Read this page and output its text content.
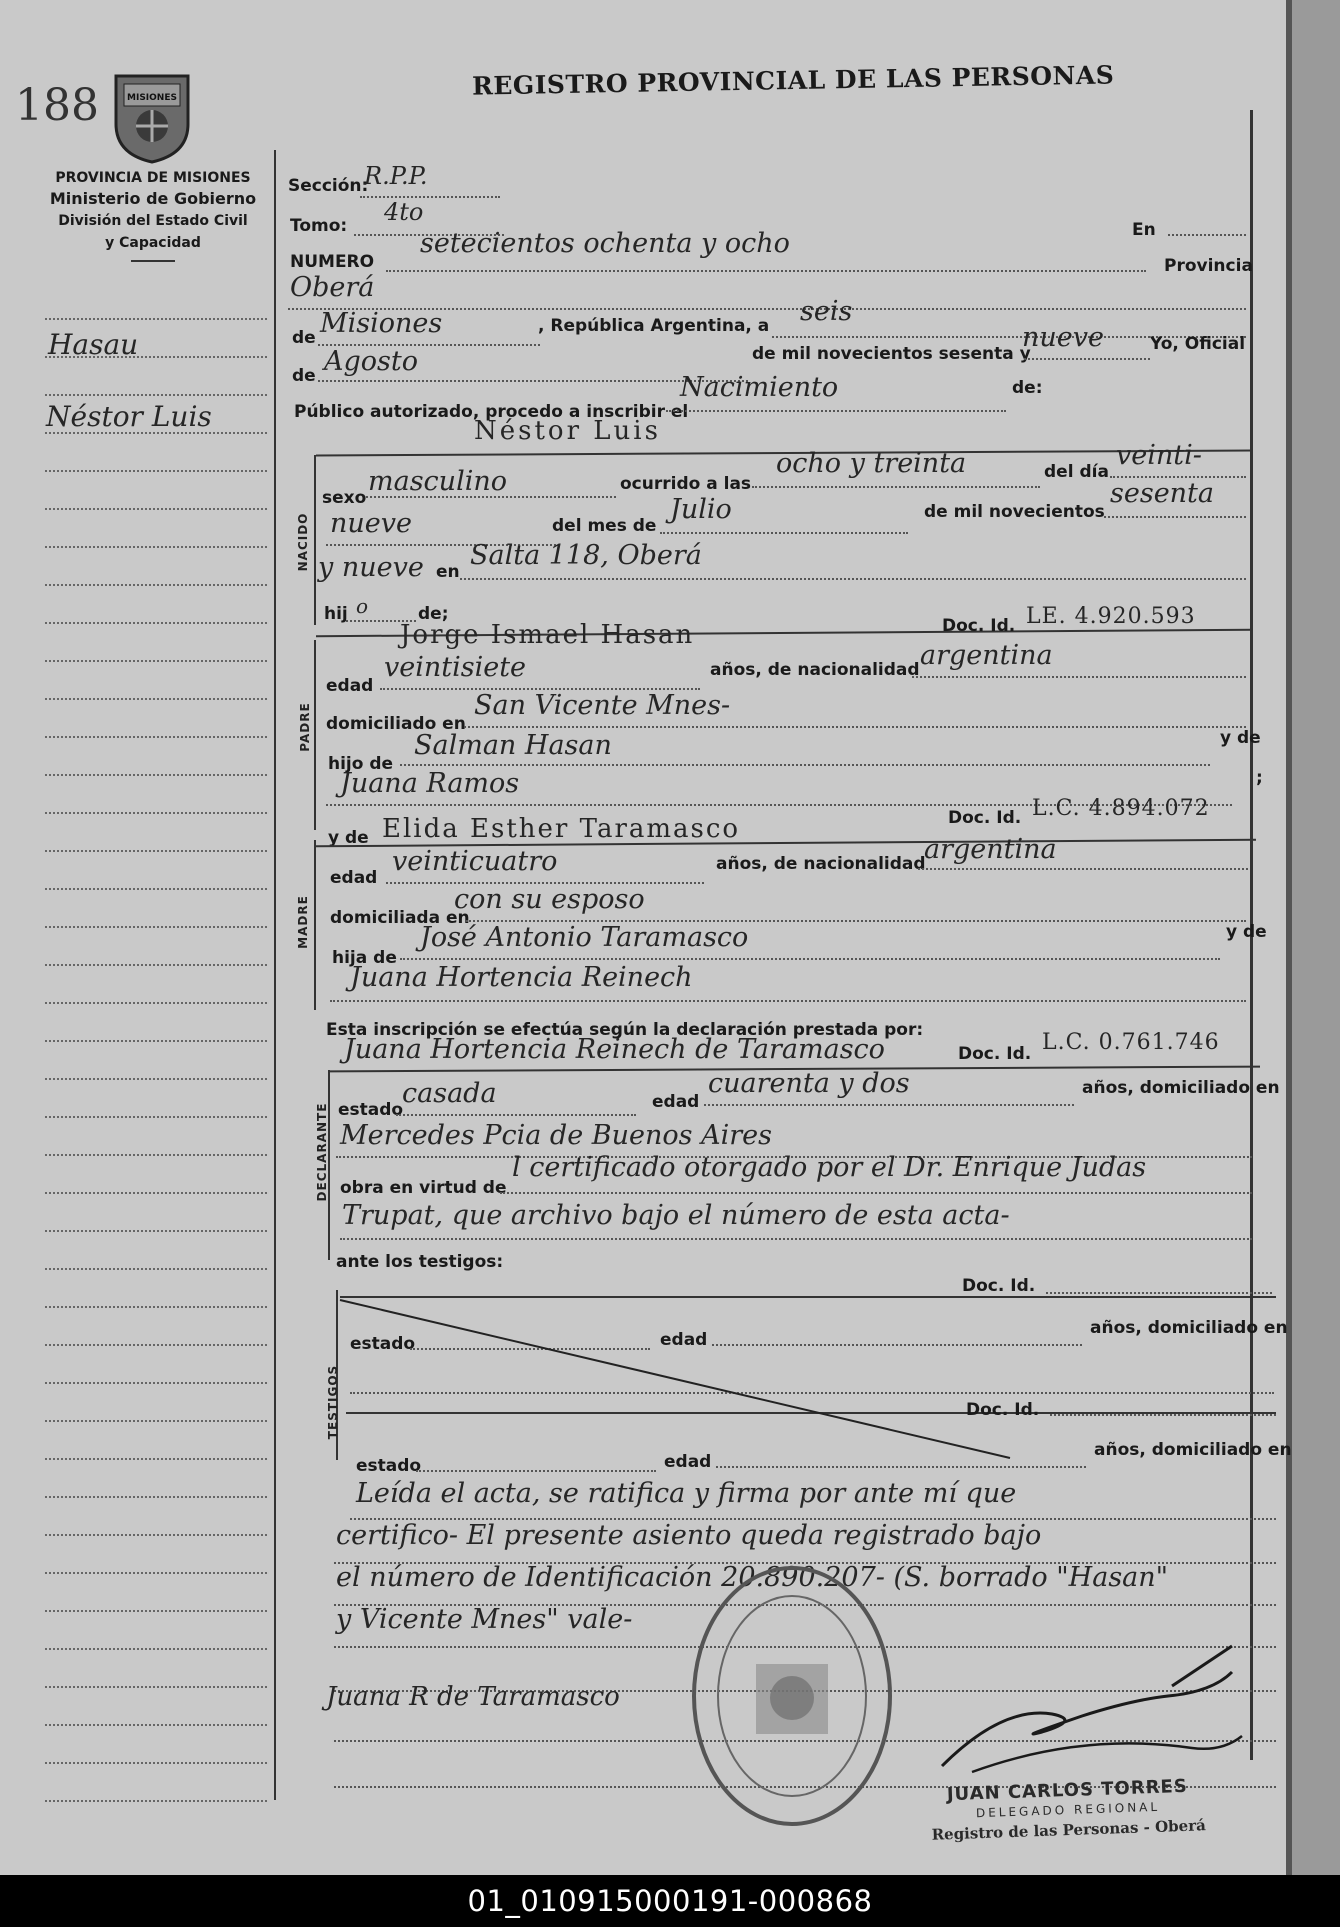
188	MISIONES
PROVINCIA DE MISIONES
Ministerio de Gobierno
División del Estado Civil
y Capacidad
REGISTRO PROVINCIAL DE LAS PERSONAS
Hasau
Néstor Luis
NACIDO
PADRE
MADRE
DECLARANTE
TESTIGOS
Sección:
R.P.P.
Tomo: 4to
En
NUMERO
setecientos ochenta y ocho
Provincia
Oberá
de Misiones	, República Argentina, a seis
de Agosto	de mil novecientos sesenta y
nueve	Yo, Oficial
Público autorizado, procedo a inscribir el
Nacimiento	de:
Néstor Luis
sexo
masculino	ocurrido a las
ocho y treinta	del día
veinti-
nueve	del mes de
Julio	de mil novecientos
sesenta
y nueve en
Salta 118, Oberá
hij o	de;
Jorge Ismael Hasan	Doc. Id. LE. 4.920.593
edad
veintisiete	años, de nacionalidad argentina
domiciliado en
San Vicente Mnes-
hijo de
Salman Hasan	y de
Juana Ramos	;
y de Elida Esther Taramasco	Doc. Id. L.C. 4.894.072
edad
veinticuatro	años, de nacionalidad
argentina
domiciliada en
con su esposo
hija de
José Antonio Taramasco	y de
Juana Hortencia Reinech
Esta inscripción se efectúa según la declaración prestada por:
Juana Hortencia Reinech de Taramasco	Doc. Id. L.C. 0.761.746
estado
casada	edad
cuarenta y dos	años, domiciliado en
Mercedes Pcia de Buenos Aires
obra en virtud de
l certificado otorgado por el Dr. Enrique Judas
Trupat, que archivo bajo el número de esta acta-
ante los testigos:
Doc. Id.
estado	edad
años, domiciliado en
Doc. Id.
estado	edad
años, domiciliado en
Leída el acta, se ratifica y firma por ante mí que
certifico- El presente asiento queda registrado bajo
el número de Identificación 20.890.207- (S. borrado "Hasan"
y Vicente Mnes" vale-
Juana R de Taramasco
JUAN CARLOS TORRES
DELEGADO REGIONAL
Registro de las Personas - Oberá
01_010915000191-000868
